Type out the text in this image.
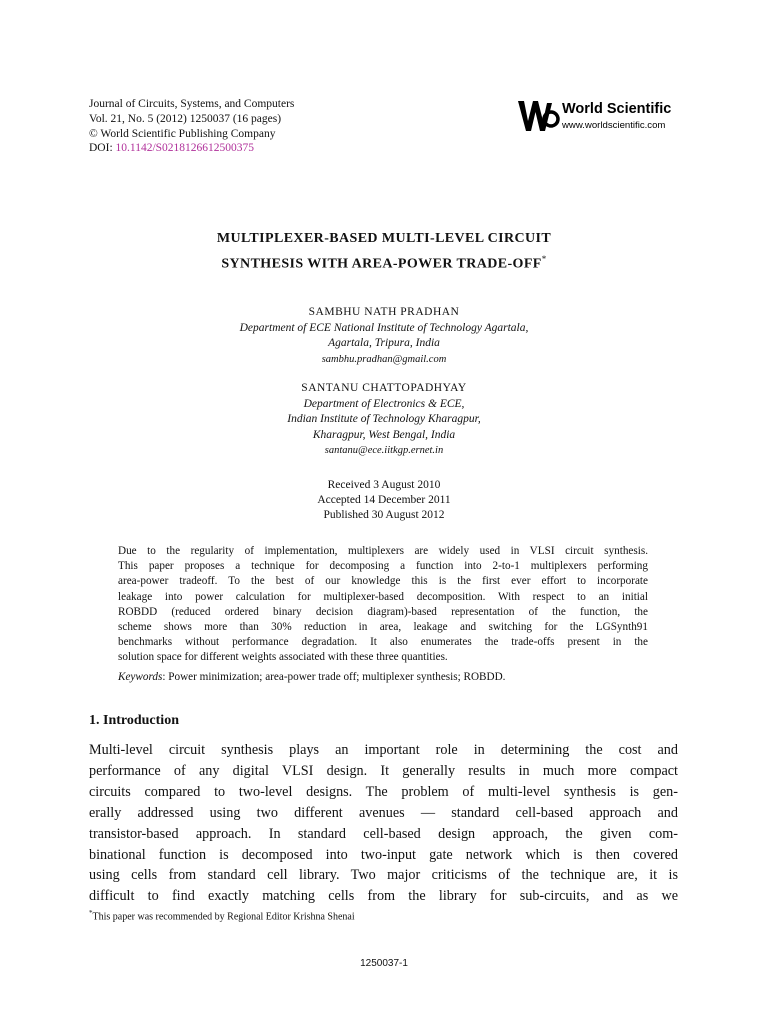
Journal of Circuits, Systems, and Computers
Vol. 21, No. 5 (2012) 1250037 (16 pages)
© World Scientific Publishing Company
DOI: 10.1142/S0218126612500375
World Scientific
www.worldscientific.com
MULTIPLEXER-BASED MULTI-LEVEL CIRCUIT
SYNTHESIS WITH AREA-POWER TRADE-OFF*
SAMBHU NATH PRADHAN
Department of ECE National Institute of Technology Agartala,
Agartala, Tripura, India
sambhu.pradhan@gmail.com
SANTANU CHATTOPADHYAY
Department of Electronics & ECE,
Indian Institute of Technology Kharagpur,
Kharagpur, West Bengal, India
santanu@ece.iitkgp.ernet.in
Received 3 August 2010
Accepted 14 December 2011
Published 30 August 2012
Due to the regularity of implementation, multiplexers are widely used in VLSI circuit synthesis.
This paper proposes a technique for decomposing a function into 2-to-1 multiplexers performing
area-power tradeoff. To the best of our knowledge this is the first ever effort to incorporate
leakage into power calculation for multiplexer-based decomposition. With respect to an initial
ROBDD (reduced ordered binary decision diagram)-based representation of the function, the
scheme shows more than 30% reduction in area, leakage and switching for the LGSynth91
benchmarks without performance degradation. It also enumerates the trade-offs present in the
solution space for different weights associated with these three quantities.
Keywords: Power minimization; area-power trade off; multiplexer synthesis; ROBDD.
1. Introduction
Multi-level circuit synthesis plays an important role in determining the cost and
performance of any digital VLSI design. It generally results in much more compact
circuits compared to two-level designs. The problem of multi-level synthesis is gen-
erally addressed using two different avenues — standard cell-based approach and
transistor-based approach. In standard cell-based design approach, the given com-
binational function is decomposed into two-input gate network which is then covered
using cells from standard cell library. Two major criticisms of the technique are, it is
difficult to find exactly matching cells from the library for sub-circuits, and as we
*This paper was recommended by Regional Editor Krishna Shenai
1250037-1
